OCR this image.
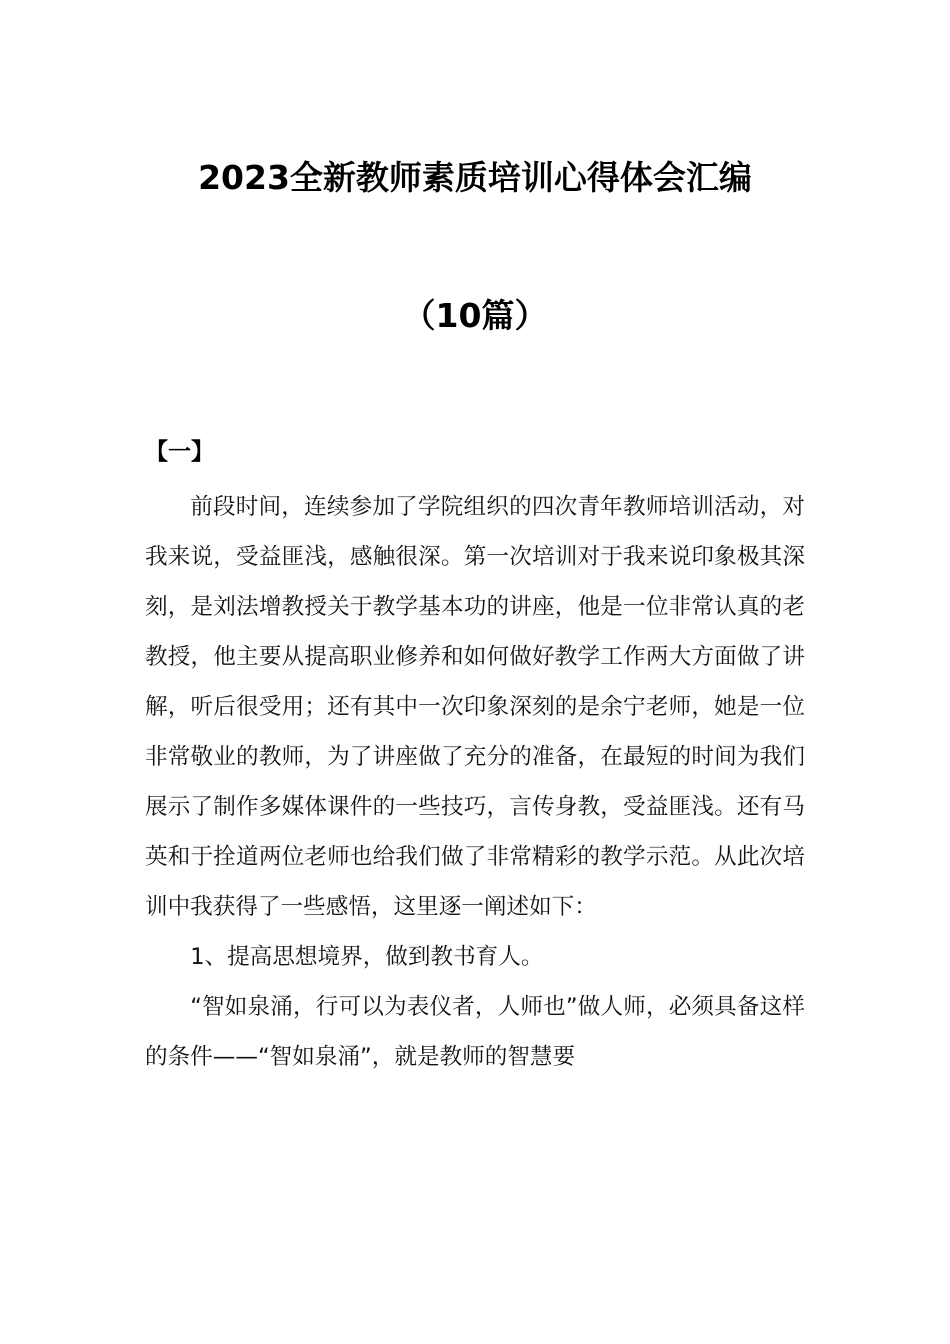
2023全新教师素质培训心得体会汇编
（10篇）
【一】

前段时间，连续参加了学院组织的四次青年教师培训活动，对我来说，受益匪浅，感触很深。第一次培训对于我来说印象极其深刻，是刘法增教授关于教学基本功的讲座，他是一位非常认真的老教授，他主要从提高职业修养和如何做好教学工作两大方面做了讲解，听后很受用；还有其中一次印象深刻的是余宁老师，她是一位非常敬业的教师，为了讲座做了充分的准备，在最短的时间为我们展示了制作多媒体课件的一些技巧，言传身教，受益匪浅。还有马英和于拴道两位老师也给我们做了非常精彩的教学示范。从此次培训中我获得了一些感悟，这里逐一阐述如下：

1、提高思想境界，做到教书育人。

“智如泉涌，行可以为表仪者，人师也”做人师，必须具备这样的条件——“智如泉涌”，就是教师的智慧要
